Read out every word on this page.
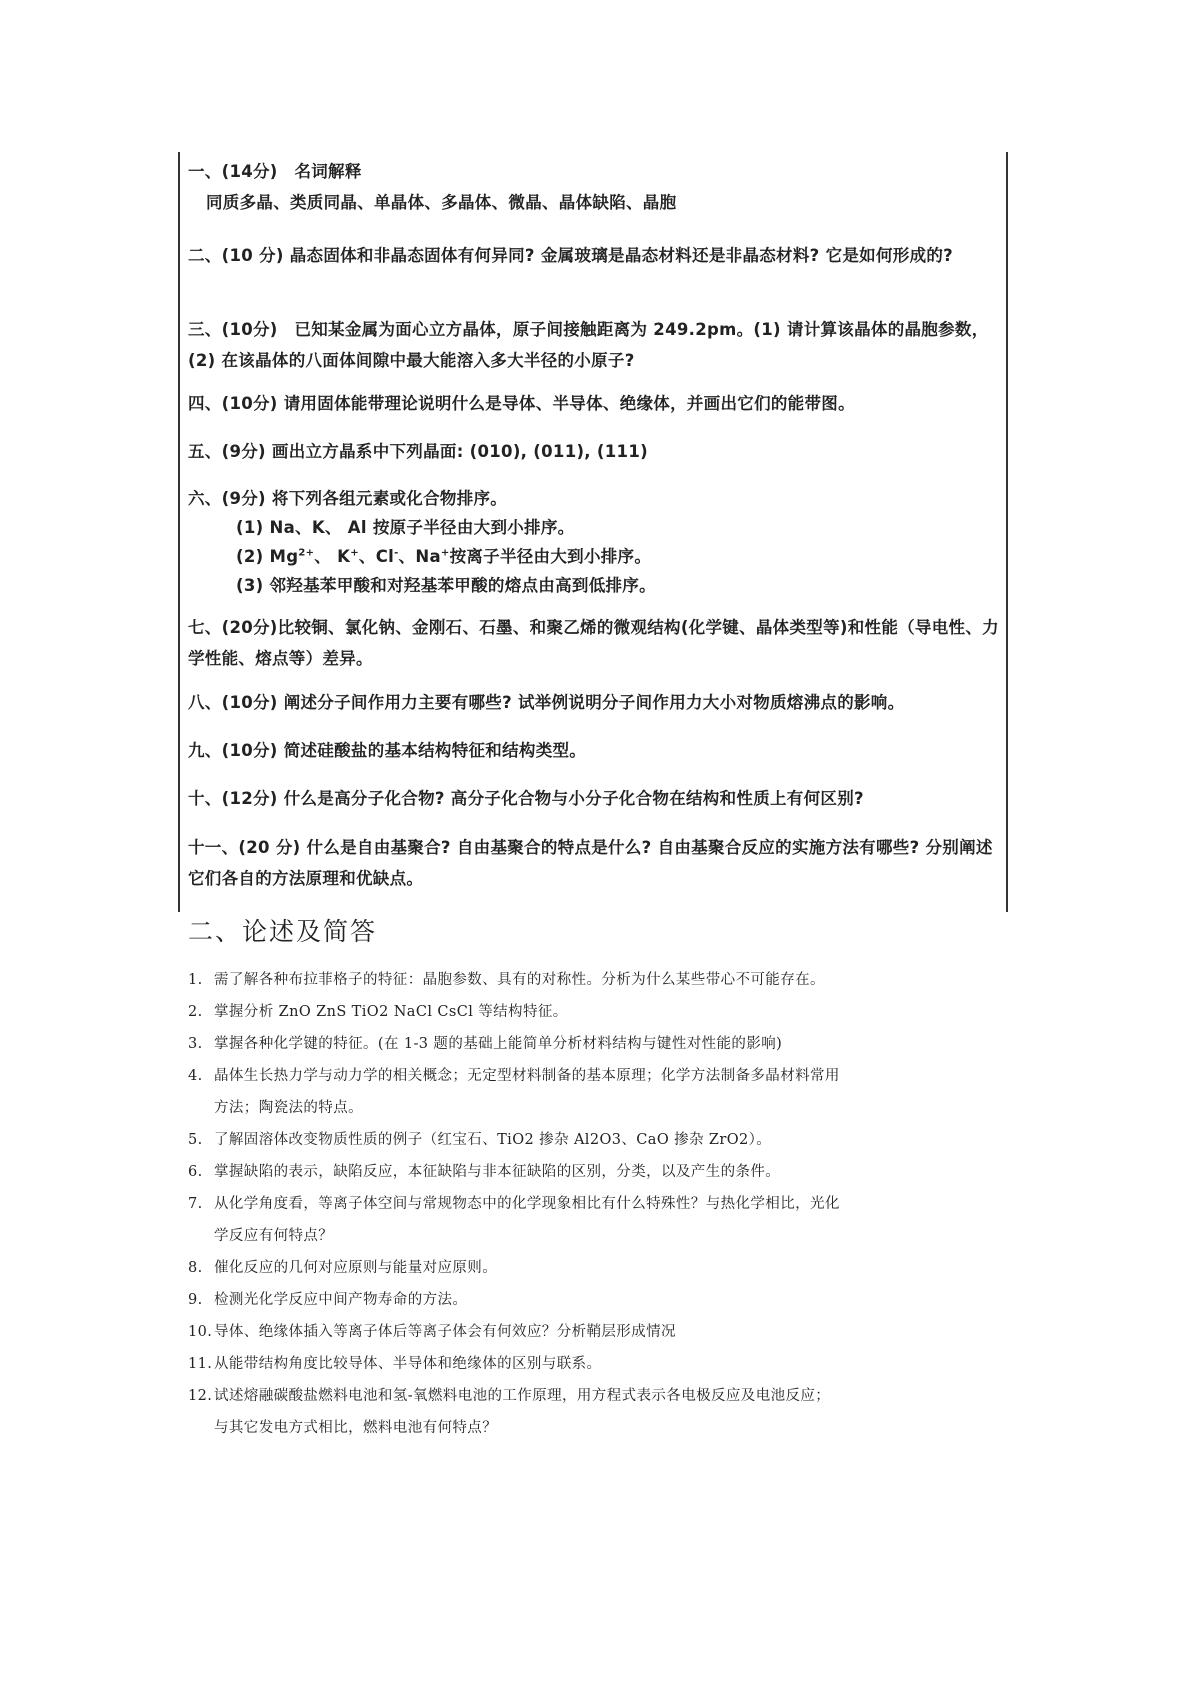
一、(14分)　名词解释
同质多晶、类质同晶、单晶体、多晶体、微晶、晶体缺陷、晶胞
二、(10 分) 晶态固体和非晶态固体有何异同? 金属玻璃是晶态材料还是非晶态材料? 它是如何形成的?
三、(10分)　已知某金属为面心立方晶体，原子间接触距离为 249.2pm。(1) 请计算该晶体的晶胞参数，(2) 在该晶体的八面体间隙中最大能溶入多大半径的小原子?
四、(10分) 请用固体能带理论说明什么是导体、半导体、绝缘体，并画出它们的能带图。
五、(9分) 画出立方晶系中下列晶面: (010), (011), (111)
六、(9分) 将下列各组元素或化合物排序。
(1) Na、K、 Al 按原子半径由大到小排序。
(2) $Mg^{2+}$、 K+、Cl-、Na+按离子半径由大到小排序。
(3) 邻羟基苯甲酸和对羟基苯甲酸的熔点由高到低排序。
七、(20分)比较铜、氯化钠、金刚石、石墨、和聚乙烯的微观结构(化学键、晶体类型等)和性能（导电性、力学性能、熔点等）差异。
八、(10分) 阐述分子间作用力主要有哪些? 试举例说明分子间作用力大小对物质熔沸点的影响。
九、(10分) 简述硅酸盐的基本结构特征和结构类型。
十、(12分) 什么是高分子化合物? 高分子化合物与小分子化合物在结构和性质上有何区别?
十一、(20 分) 什么是自由基聚合? 自由基聚合的特点是什么? 自由基聚合反应的实施方法有哪些? 分别阐述它们各自的方法原理和优缺点。
二、论述及简答
1. 需了解各种布拉菲格子的特征：晶胞参数、具有的对称性。分析为什么某些带心不可能存在。
2. 掌握分析 ZnO ZnS TiO2 NaCl CsCl 等结构特征。
3. 掌握各种化学键的特征。(在 1-3 题的基础上能简单分析材料结构与键性对性能的影响)
4. 晶体生长热力学与动力学的相关概念；无定型材料制备的基本原理；化学方法制备多晶材料常用
方法；陶瓷法的特点。
5. 了解固溶体改变物质性质的例子（红宝石、TiO2 掺杂 Al2O3、CaO 掺杂 ZrO2）。
6. 掌握缺陷的表示，缺陷反应，本征缺陷与非本征缺陷的区别，分类，以及产生的条件。
7. 从化学角度看，等离子体空间与常规物态中的化学现象相比有什么特殊性？与热化学相比，光化
学反应有何特点？
8. 催化反应的几何对应原则与能量对应原则。
9. 检测光化学反应中间产物寿命的方法。
10. 导体、绝缘体插入等离子体后等离子体会有何效应？分析鞘层形成情况
11. 从能带结构角度比较导体、半导体和绝缘体的区别与联系。
12. 试述熔融碳酸盐燃料电池和氢-氧燃料电池的工作原理，用方程式表示各电极反应及电池反应；
与其它发电方式相比，燃料电池有何特点？
